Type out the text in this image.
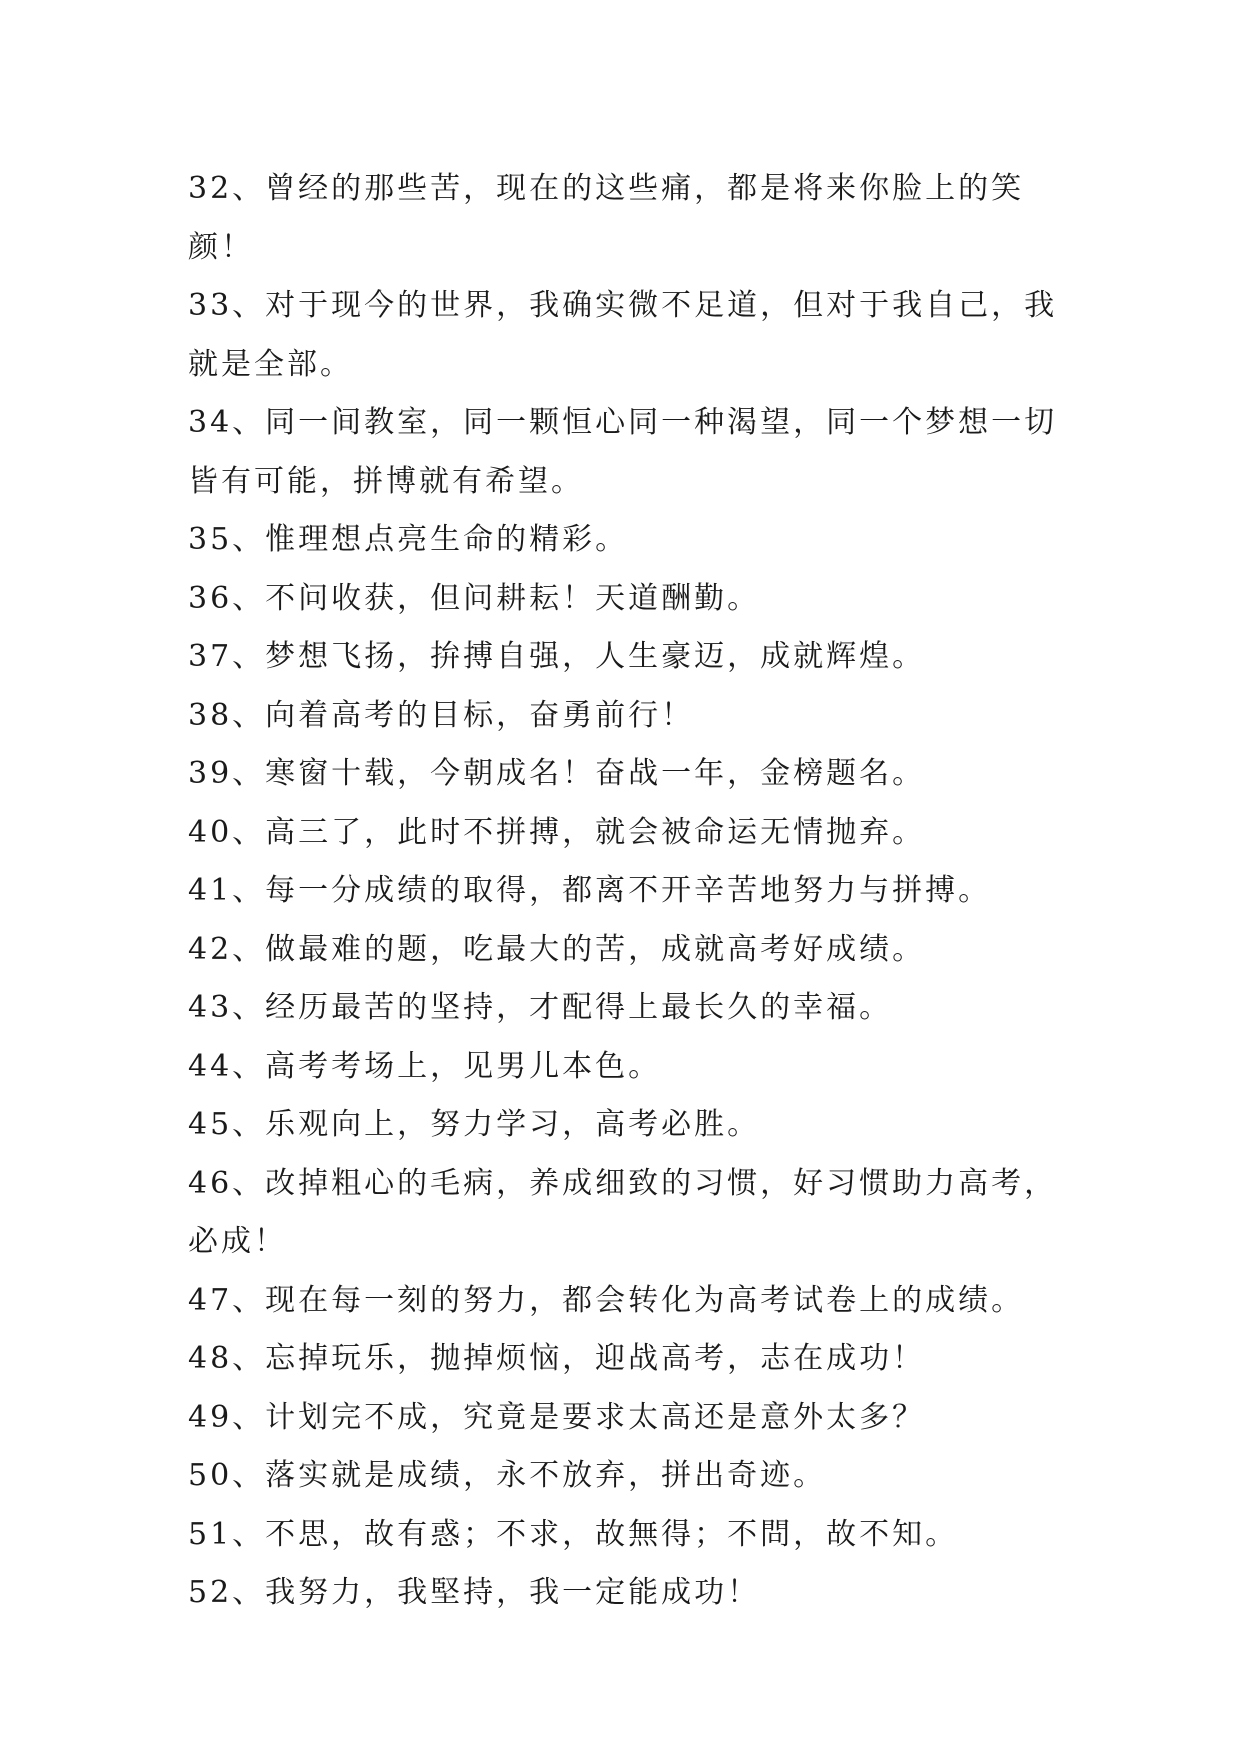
32、曾经的那些苦，现在的这些痛，都是将来你脸上的笑颜！

33、对于现今的世界，我确实微不足道，但对于我自己，我就是全部。

34、同一间教室，同一颗恒心同一种渴望，同一个梦想一切皆有可能，拼博就有希望。

35、惟理想点亮生命的精彩。

36、不问收获，但问耕耘！天道酬勤。

37、梦想飞扬，拚搏自强，人生豪迈，成就辉煌。

38、向着高考的目标，奋勇前行！

39、寒窗十载，今朝成名！奋战一年，金榜题名。

40、高三了，此时不拼搏，就会被命运无情抛弃。

41、每一分成绩的取得，都离不开辛苦地努力与拼搏。

42、做最难的题，吃最大的苦，成就高考好成绩。

43、经历最苦的坚持，才配得上最长久的幸福。

44、高考考场上，见男儿本色。

45、乐观向上，努力学习，高考必胜。

46、改掉粗心的毛病，养成细致的习惯，好习惯助力高考，必成！

47、现在每一刻的努力，都会转化为高考试卷上的成绩。

48、忘掉玩乐，抛掉烦恼，迎战高考，志在成功！

49、计划完不成，究竟是要求太高还是意外太多？

50、落实就是成绩，永不放弃，拼出奇迹。

51、不思，故有惑；不求，故無得；不問，故不知。

52、我努力，我堅持，我一定能成功！
